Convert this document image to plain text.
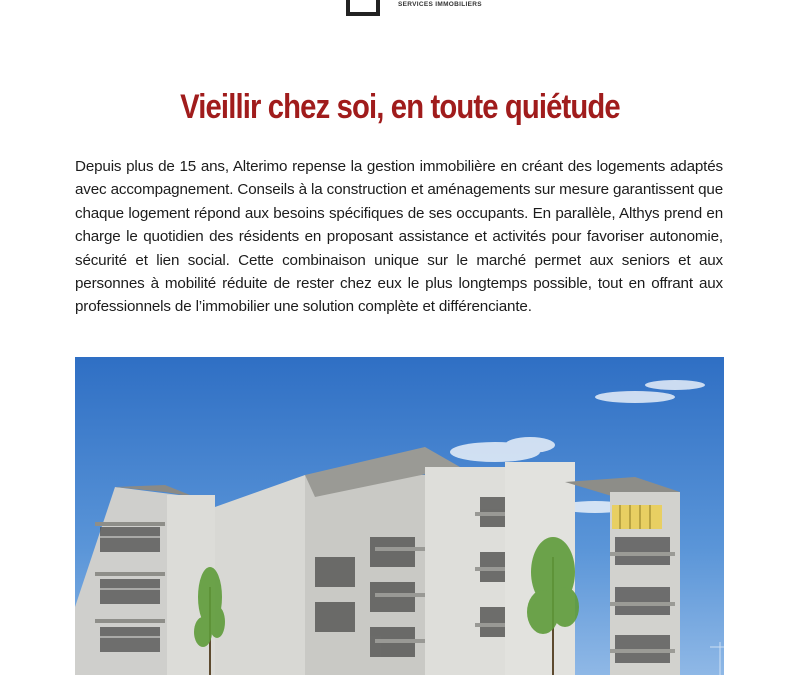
SERVICES IMMOBILIERS
Vieillir chez soi, en toute quiétude

Depuis plus de 15 ans, Alterimo repense la gestion immobilière en créant des logements adaptés avec accompagnement. Conseils à la construction et aménagements sur mesure garantissent que chaque logement répond aux besoins spécifiques de ses occupants. En parallèle, Althys prend en charge le quotidien des résidents en proposant assistance et activités pour favoriser autonomie, sécurité et lien social. Cette combinaison unique sur le marché permet aux seniors et aux personnes à mobilité réduite de rester chez eux le plus longtemps possible, tout en offrant aux professionnels de l’immobilier une solution complète et différenciante.
